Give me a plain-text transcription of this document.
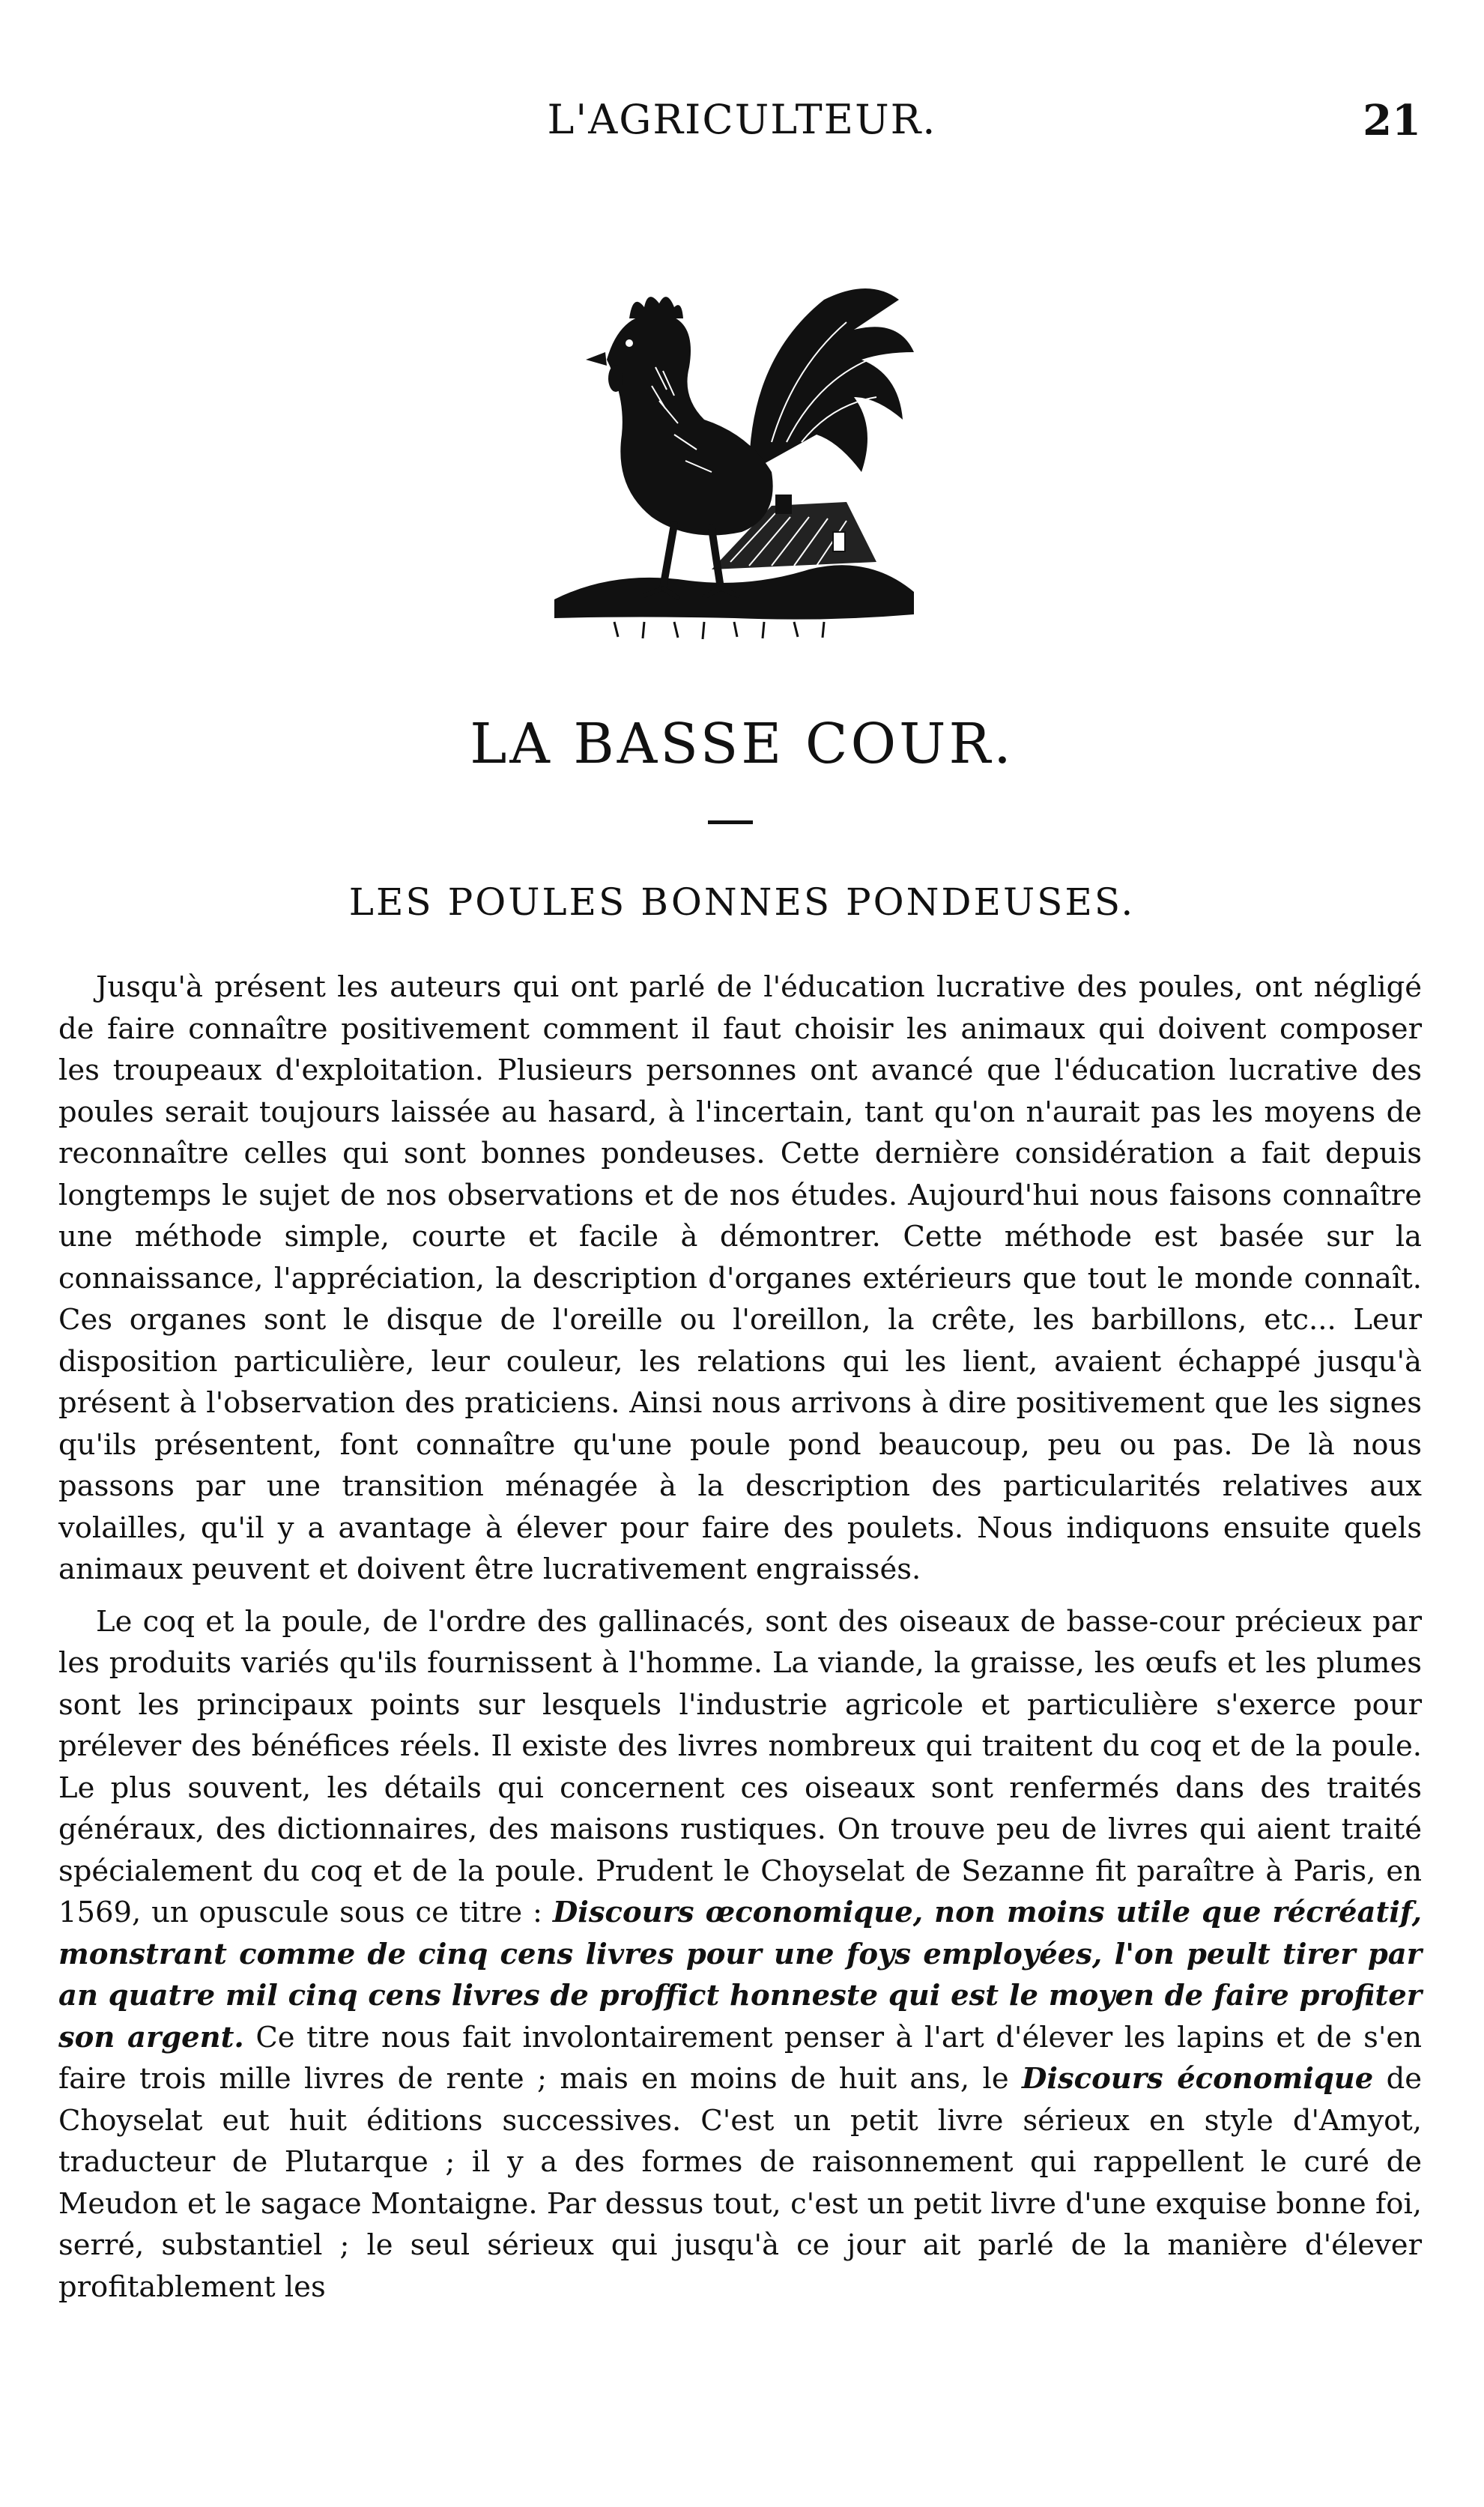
L'AGRICULTEUR.	21
LA BASSE COUR.
LES POULES BONNES PONDEUSES.

Jusqu'à présent les auteurs qui ont parlé de l'éducation lucrative des poules, ont négligé de faire connaître positivement comment il faut choisir les animaux qui doivent composer les troupeaux d'exploitation. Plusieurs personnes ont avancé que l'éducation lucrative des poules serait toujours laissée au hasard, à l'incertain, tant qu'on n'aurait pas les moyens de reconnaître celles qui sont bonnes pondeuses. Cette dernière considération a fait depuis longtemps le sujet de nos observations et de nos études. Aujourd'hui nous faisons connaître une méthode simple, courte et facile à démontrer. Cette méthode est basée sur la connaissance, l'appréciation, la description d'organes extérieurs que tout le monde connaît. Ces organes sont le disque de l'oreille ou l'oreillon, la crête, les barbillons, etc... Leur disposition particulière, leur couleur, les relations qui les lient, avaient échappé jusqu'à présent à l'observation des praticiens. Ainsi nous arrivons à dire positivement que les signes qu'ils présentent, font connaître qu'une poule pond beaucoup, peu ou pas. De là nous passons par une transition ménagée à la description des particularités relatives aux volailles, qu'il y a avantage à élever pour faire des poulets. Nous indiquons ensuite quels animaux peuvent et doivent être lucrativement engraissés.

Le coq et la poule, de l'ordre des gallinacés, sont des oiseaux de basse-cour précieux par les produits variés qu'ils fournissent à l'homme. La viande, la graisse, les œufs et les plumes sont les principaux points sur lesquels l'industrie agricole et particulière s'exerce pour prélever des bénéfices réels. Il existe des livres nombreux qui traitent du coq et de la poule. Le plus souvent, les détails qui concernent ces oiseaux sont renfermés dans des traités généraux, des dictionnaires, des maisons rustiques. On trouve peu de livres qui aient traité spécialement du coq et de la poule. Prudent le Choyselat de Sezanne fit paraître à Paris, en 1569, un opuscule sous ce titre : Discours œconomique, non moins utile que récréatif, monstrant comme de cinq cens livres pour une foys employées, l'on peult tirer par an quatre mil cinq cens livres de proffict honneste qui est le moyen de faire profiter son argent. Ce titre nous fait involontairement penser à l'art d'élever les lapins et de s'en faire trois mille livres de rente ; mais en moins de huit ans, le Discours économique de Choyselat eut huit éditions successives. C'est un petit livre sérieux en style d'Amyot, traducteur de Plutarque ; il y a des formes de raisonnement qui rappellent le curé de Meudon et le sagace Montaigne. Par dessus tout, c'est un petit livre d'une exquise bonne foi, serré, substantiel ; le seul sérieux qui jusqu'à ce jour ait parlé de la manière d'élever profitablement les
